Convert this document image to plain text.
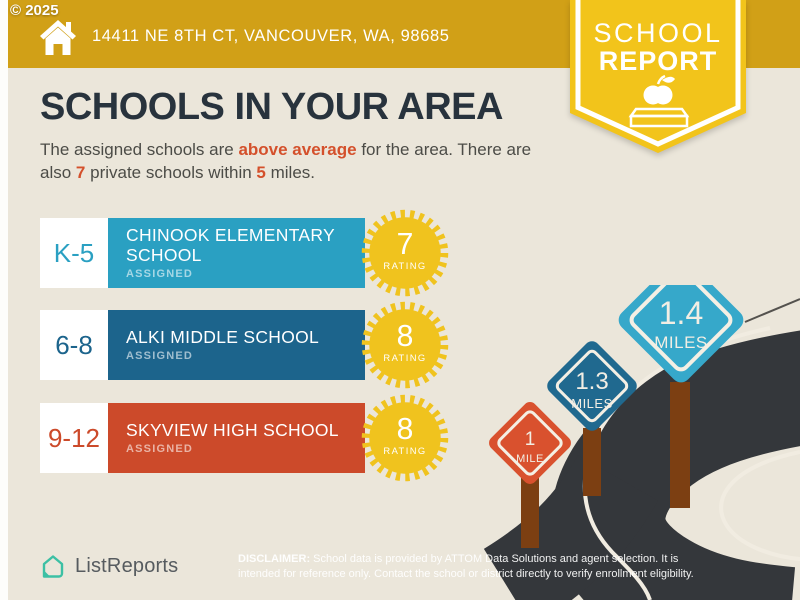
14411 NE 8TH CT, VANCOUVER, WA, 98685
© 2025
SCHOOL
REPORT
SCHOOLS IN YOUR AREA
The assigned schools are above average for the area. There are also 7 private schools within 5 miles.
K-5
CHINOOK ELEMENTARY SCHOOL
ASSIGNED
7
RATING
6-8	ALKI MIDDLE SCHOOL
ASSIGNED
8
RATING
9-12	SKYVIEW HIGH SCHOOL
ASSIGNED
8
RATING
1
MILE
1.3
MILES
1.4
MILES
ListReports	DISCLAIMER: School data is provided by ATTOM Data Solutions and agent selection. It is intended for reference only. Contact the school or district directly to verify enrollment eligibility.
